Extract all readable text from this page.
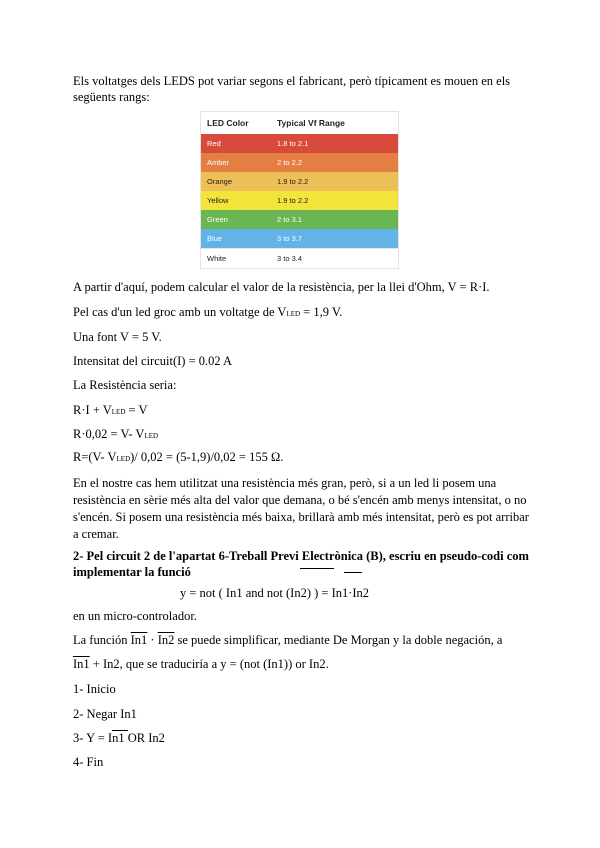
Els voltatges dels LEDS pot variar segons el fabricant, però típicament es mouen en els següents rangs:
LED Color	Typical Vf Range
Red	1.8 to 2.1
Amber	2 to 2.2
Orange	1.9 to 2.2
Yellow	1.9 to 2.2
Green	2 to 3.1
Blue	3 to 3.7
White	3 to 3.4
A partir d'aquí, podem calcular el valor de la resistència, per la llei d'Ohm, V = R·I.
Pel cas d'un led groc amb un voltatge de VLED = 1,9 V.
Una font V = 5 V.
Intensitat del circuit(I) = 0.02 A
La Resistència seria:
R·I + VLED = V
R·0,02 = V- VLED
R=(V- VLED)/ 0,02 = (5-1,9)/0,02 = 155 Ω.
En el nostre cas hem utilitzat una resistència més gran, però, si a un led li posem una resistència en sèrie més alta del valor que demana, o bé s'encén amb menys intensitat, o no s'encén. Si posem una resistència més baixa, brillarà amb més intensitat, però es pot arribar a cremar.
2- Pel circuit 2 de l'apartat 6-Treball Previ Electrònica (B), escriu en pseudo-codi com implementar la funció
y = not ( In1 and not (In2) ) = In1·In2
en un micro-controlador.
La función In1 · In2 se puede simplificar, mediante De Morgan y la doble negación, a
In1 + In2, que se traduciría a y = (not (In1)) or In2.
1- Inicio
2- Negar In1
3- Y = In1 OR In2
4- Fin
